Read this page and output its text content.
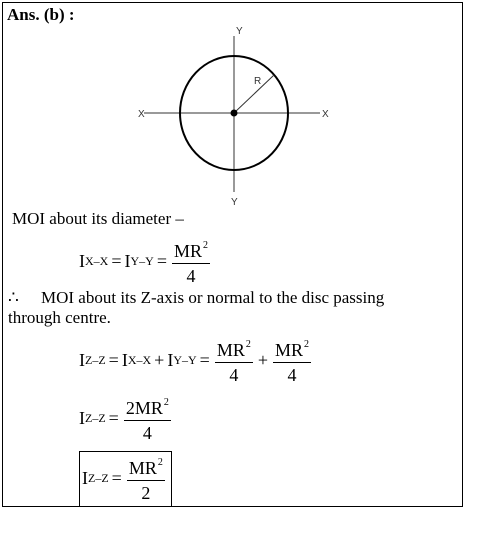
Ans. (b) :
X	X
Y
Y
R
MOI about its diameter –
I X–X = I $Y-Y = \frac{MR^2}{4}$
∴ MOI about its Z-axis or normal to the disc passing
through centre.
I Z–Z = I X–X + I $Y-Y = \frac{MR^2}{4} + \frac{MR^2}{4}$
I $Z-Z = \frac{2MR^2}{4}$
I $Z-Z = \frac{MR^2}{2}$
